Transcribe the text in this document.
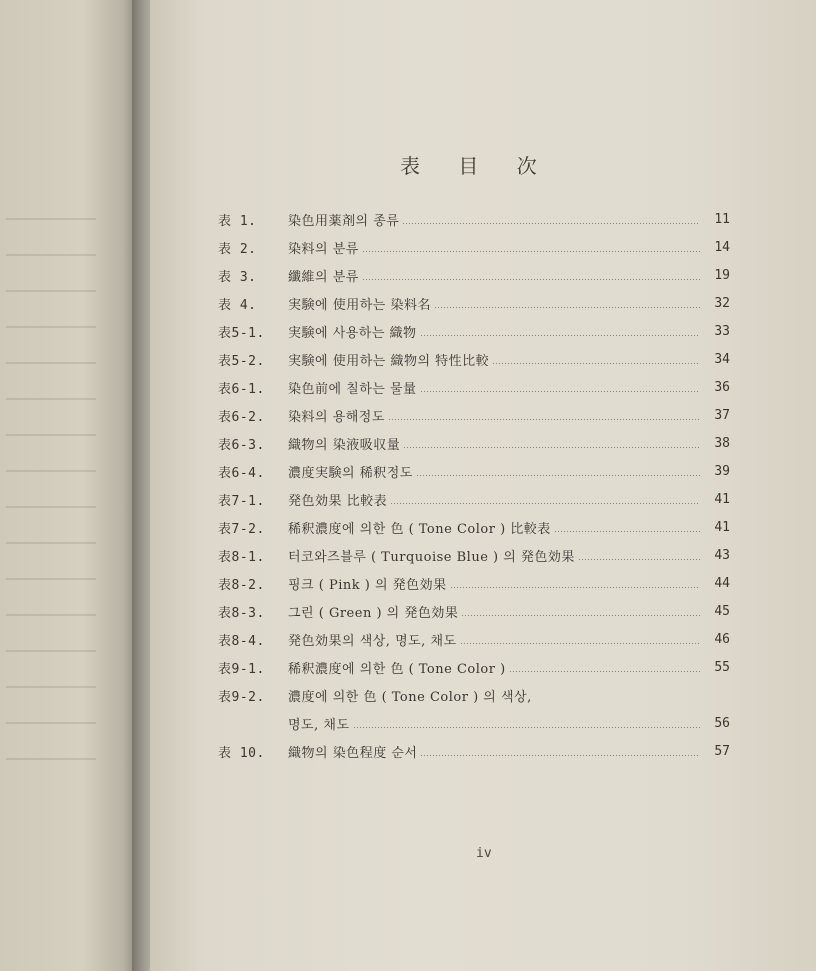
表 目 次
表 1.	染色用薬剤의 종류	11
表 2.	染料의 분류	14
表 3.	纖維의 분류	19
表 4.	実験에 使用하는 染料名	32
表5-1.	実験에 사용하는 織物	33
表5-2.	実験에 使用하는 織物의 特性比較	34
表6-1.	染色前에 칠하는 물量	36
表6-2.	染料의 용해정도	37
表6-3.	織物의 染液吸収量	38
表6-4.	濃度実験의 稀釈정도	39
表7-1.	発色効果 比較表	41
表7-2.	稀釈濃度에 의한 色 ( Tone Color ) 比較表	41
表8-1.	터코와즈블루 ( Turquoise Blue ) 의 発色効果	43
表8-2.	핑크 ( Pink ) 의 発色効果	44
表8-3.	그린 ( Green ) 의 発色効果	45
表8-4.	発色効果의 색상, 명도, 채도	46
表9-1.	稀釈濃度에 의한 色 ( Tone Color )	55
表9-2.	濃度에 의한 色 ( Tone Color ) 의 색상,
명도, 채도	56
表 10.	織物의 染色程度 순서	57
iv
